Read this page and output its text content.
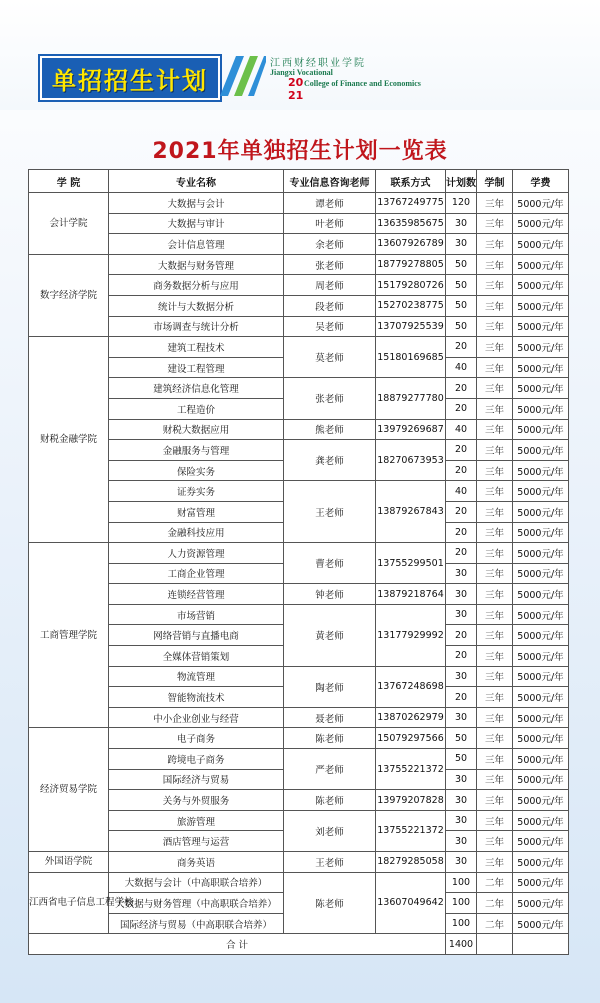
单招招生计划
江西财经职业学院
Jiangxi Vocational
20 College of Finance and Economics
21
2021年单独招生计划一览表
学 院	专业名称	专业信息咨询老师	联系方式	计划数	学制	学费
会计学院	大数据与会计	谭老师	13767249775	120	三年	5000元/年
	大数据与审计	叶老师	13635985675	30	三年	5000元/年
	会计信息管理	余老师	13607926789	30	三年	5000元/年
数字经济学院	大数据与财务管理	张老师	18779278805	50	三年	5000元/年
	商务数据分析与应用	周老师	15179280726	50	三年	5000元/年
	统计与大数据分析	段老师	15270238775	50	三年	5000元/年
	市场调查与统计分析	吴老师	13707925539	50	三年	5000元/年
财税金融学院	建筑工程技术	莫老师	15180169685	20	三年	5000元/年
	建设工程管理			40	三年	5000元/年
	建筑经济信息化管理	张老师	18879277780	20	三年	5000元/年
	工程造价			20	三年	5000元/年
	财税大数据应用	熊老师	13979269687	40	三年	5000元/年
	金融服务与管理	龚老师	18270673953	20	三年	5000元/年
	保险实务			20	三年	5000元/年
	证券实务	王老师	13879267843	40	三年	5000元/年
	财富管理			20	三年	5000元/年
	金融科技应用			20	三年	5000元/年
工商管理学院	人力资源管理	曹老师	13755299501	20	三年	5000元/年
	工商企业管理			30	三年	5000元/年
	连锁经营管理	钟老师	13879218764	30	三年	5000元/年
	市场营销	黄老师	13177929992	30	三年	5000元/年
	网络营销与直播电商			20	三年	5000元/年
	全媒体营销策划			20	三年	5000元/年
	物流管理	陶老师	13767248698	30	三年	5000元/年
	智能物流技术			20	三年	5000元/年
	中小企业创业与经营	聂老师	13870262979	30	三年	5000元/年
经济贸易学院	电子商务	陈老师	15079297566	50	三年	5000元/年
	跨境电子商务	严老师	13755221372	50	三年	5000元/年
	国际经济与贸易			30	三年	5000元/年
	关务与外贸服务	陈老师	13979207828	30	三年	5000元/年
	旅游管理	刘老师	13755221372	30	三年	5000元/年
	酒店管理与运营			30	三年	5000元/年
外国语学院	商务英语	王老师	18279285058	30	三年	5000元/年
江西省电子信息工程学校	大数据与会计（中高职联合培养）	陈老师	13607049642	100	二年	5000元/年
	大数据与财务管理（中高职联合培养）			100	二年	5000元/年
	国际经济与贸易（中高职联合培养）			100	二年	5000元/年
合 计				1400		
